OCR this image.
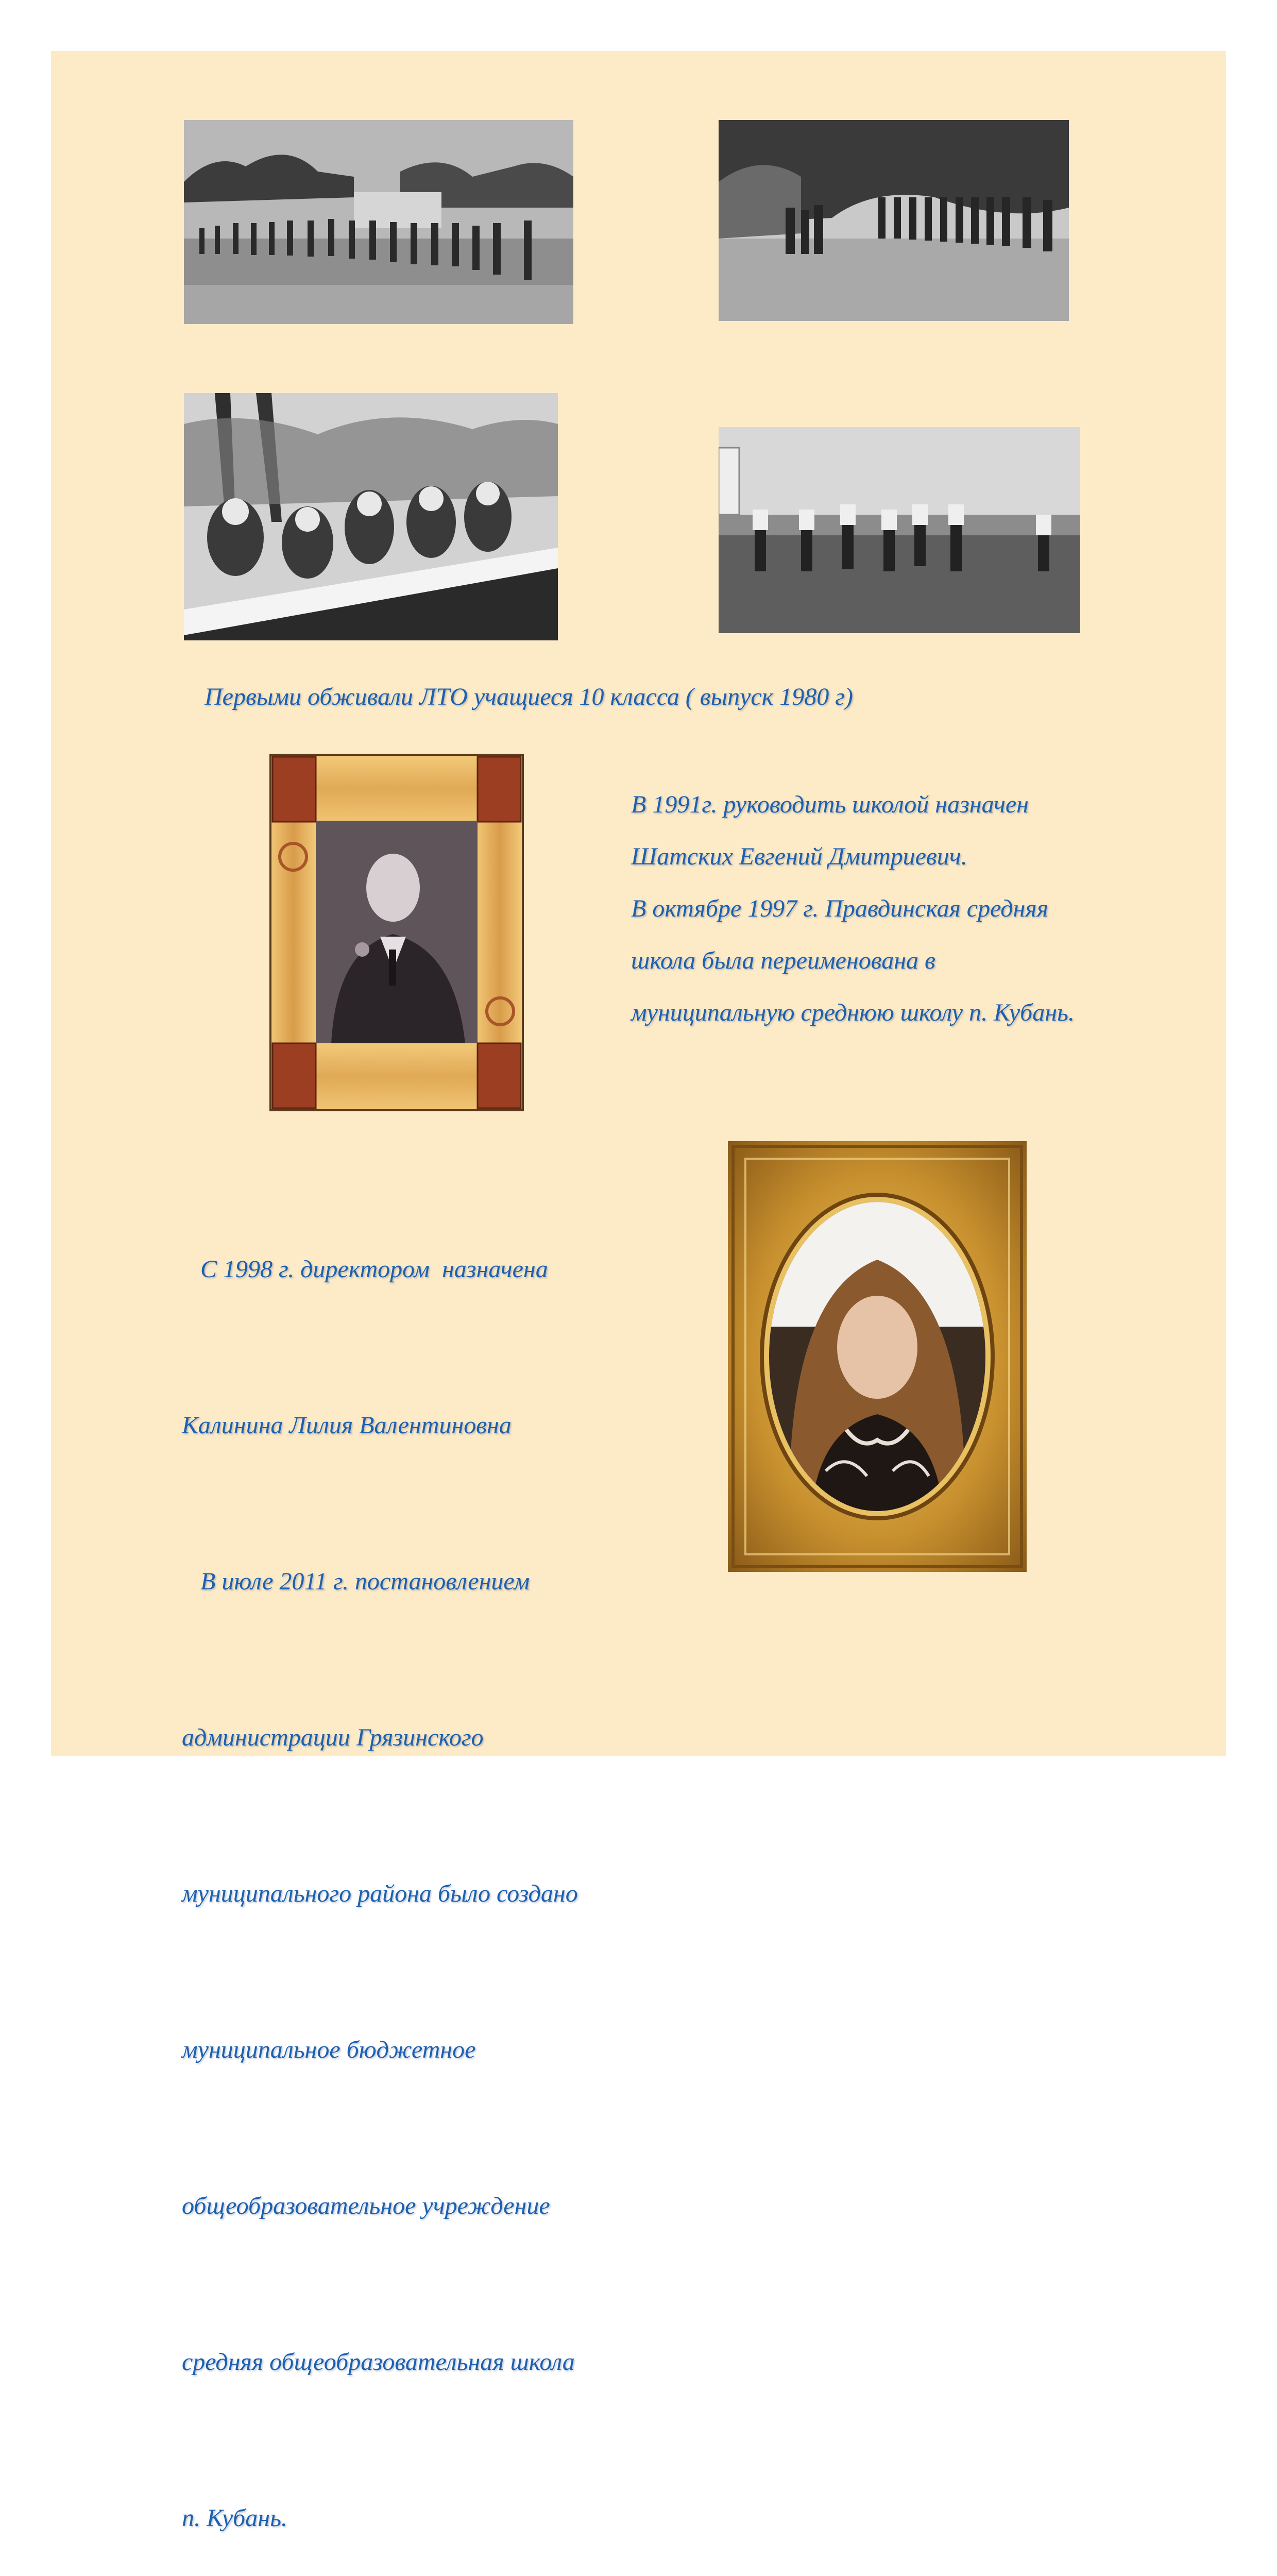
Первыми обживали ЛТО учащиеся 10 класса ( выпуск 1980 г)
В 1991г. руководить школой назначен
Шатских Евгений Дмитриевич.
В октябре 1997 г. Правдинская средняя
школа была переименована в
муниципальную среднюю школу п. Кубань.

С 1998 г. директором  назначена

Калинина Лилия Валентиновна

В июле 2011 г. постановлением

администрации Грязинского

муниципального района было создано

муниципальное бюджетное

общеобразовательное учреждение

средняя общеобразовательная школа

п. Кубань.
